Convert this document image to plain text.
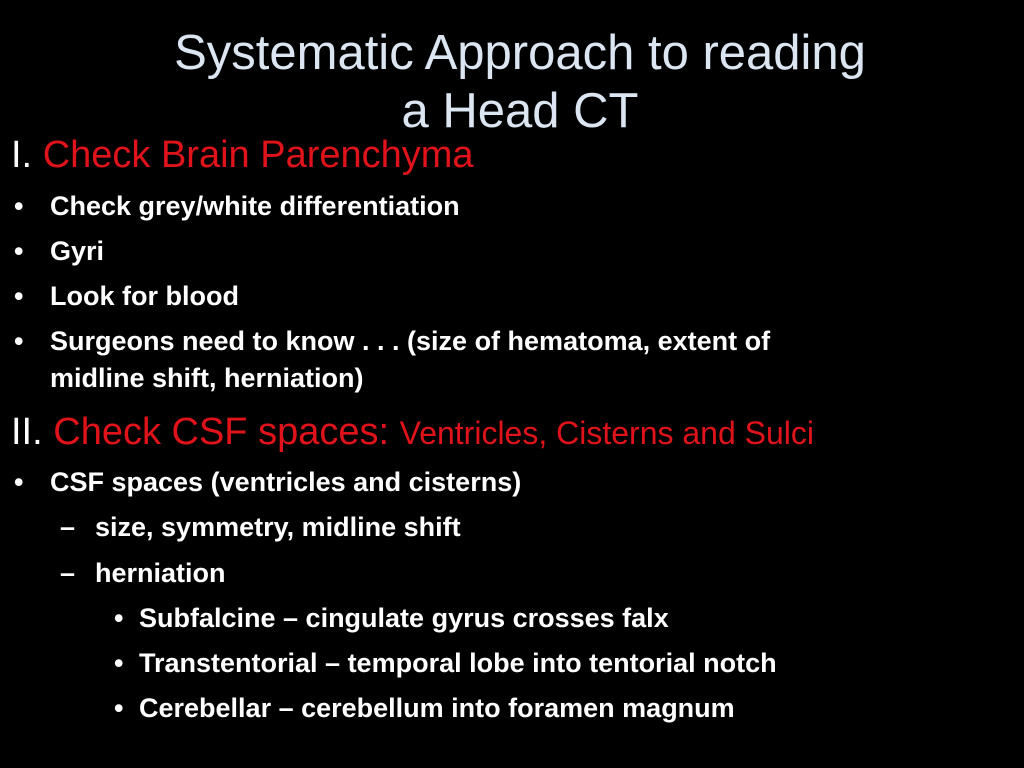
Systematic Approach to reading
a Head CT
I. Check Brain Parenchyma
• Check grey/white differentiation
• Gyri
• Look for blood
• Surgeons need to know . . . (size of hematoma, extent of
midline shift, herniation)
II. Check CSF spaces: Ventricles, Cisterns and Sulci
• CSF spaces (ventricles and cisterns)
– size, symmetry, midline shift
– herniation
• Subfalcine – cingulate gyrus crosses falx
• Transtentorial – temporal lobe into tentorial notch
• Cerebellar – cerebellum into foramen magnum
